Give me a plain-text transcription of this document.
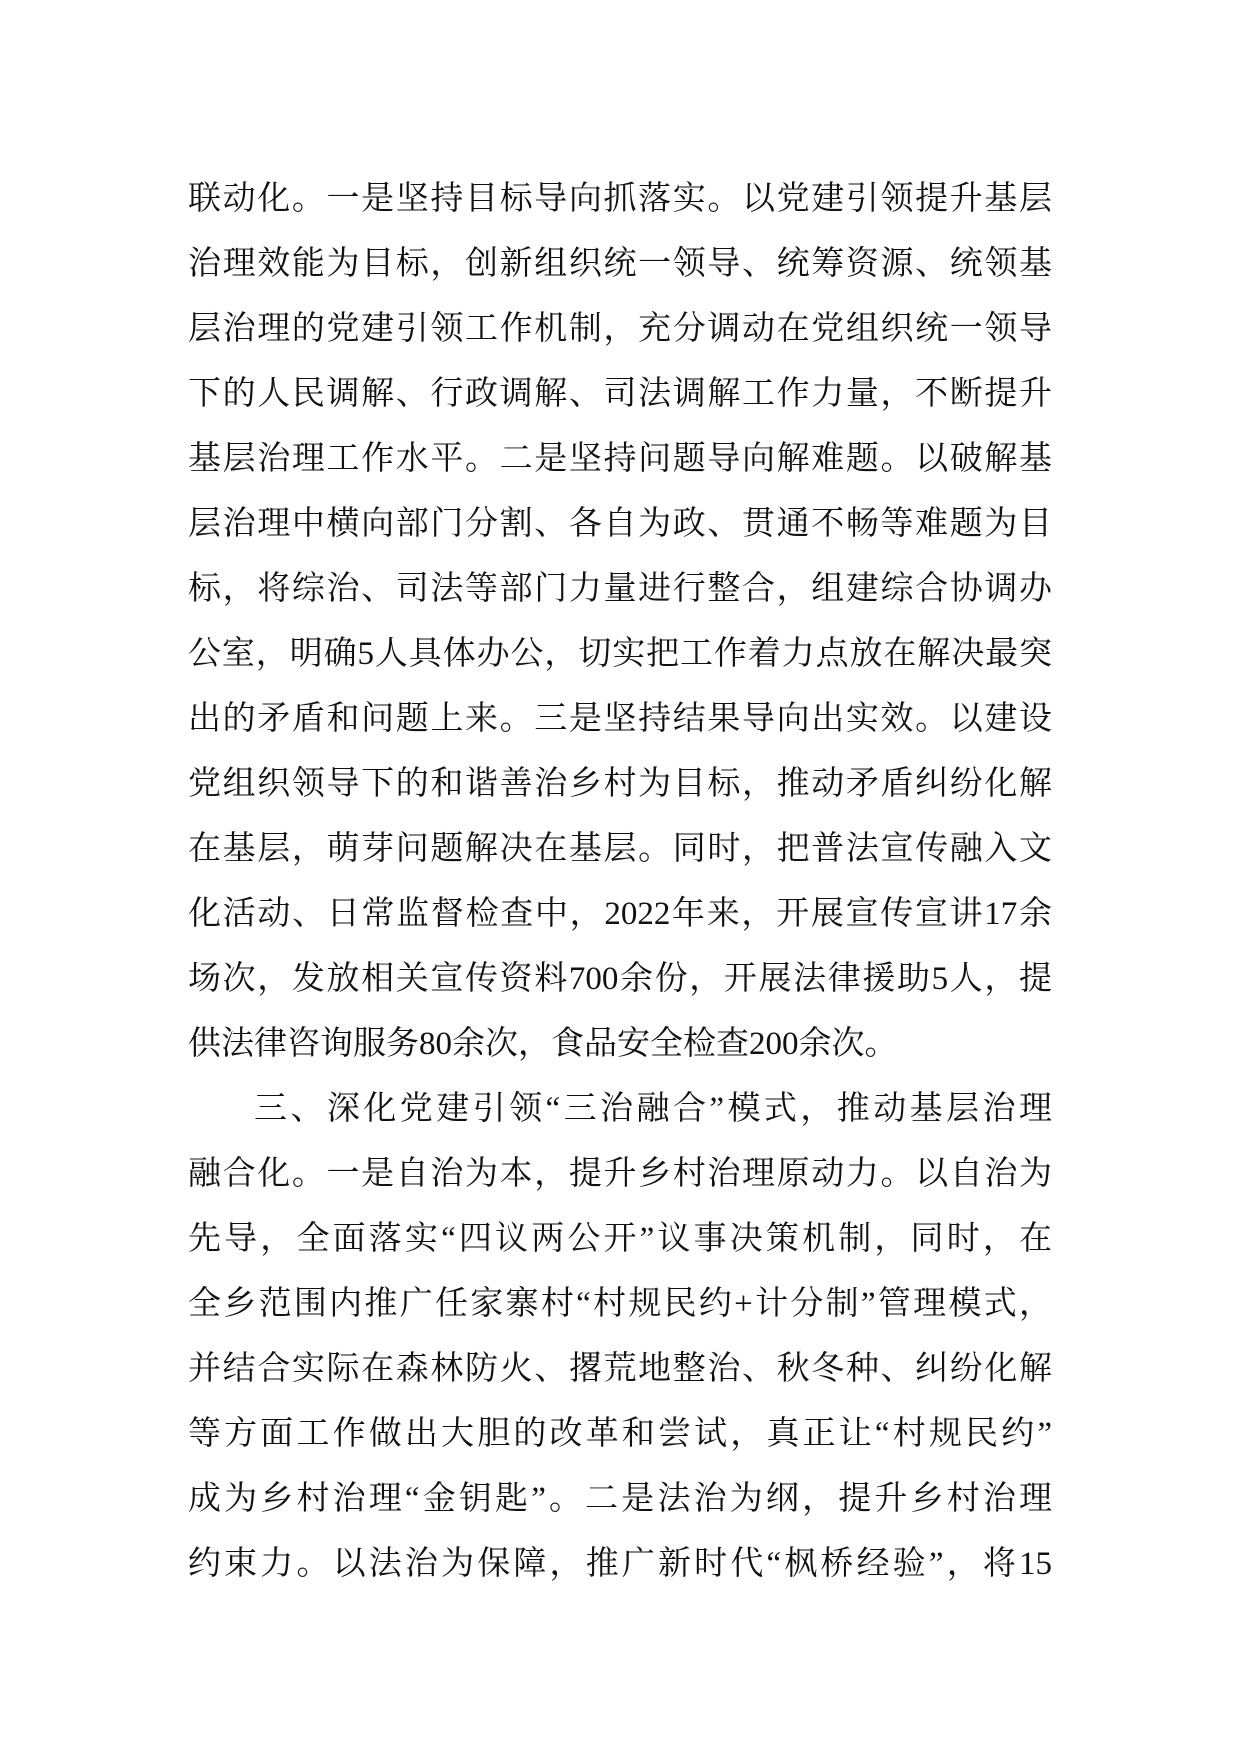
联动化。一是坚持目标导向抓落实。以党建引领提升基层
治理效能为目标，创新组织统一领导、统筹资源、统领基
层治理的党建引领工作机制，充分调动在党组织统一领导
下的人民调解、行政调解、司法调解工作力量，不断提升
基层治理工作水平。二是坚持问题导向解难题。以破解基
层治理中横向部门分割、各自为政、贯通不畅等难题为目
标，将综治、司法等部门力量进行整合，组建综合协调办
公室，明确5人具体办公，切实把工作着力点放在解决最突
出的矛盾和问题上来。三是坚持结果导向出实效。以建设
党组织领导下的和谐善治乡村为目标，推动矛盾纠纷化解
在基层，萌芽问题解决在基层。同时，把普法宣传融入文
化活动、日常监督检查中，2022年来，开展宣传宣讲17余
场次，发放相关宣传资料700余份，开展法律援助5人，提
供法律咨询服务80余次，食品安全检查200余次。
三、深化党建引领“三治融合”模式，推动基层治理
融合化。一是自治为本，提升乡村治理原动力。以自治为
先导，全面落实“四议两公开”议事决策机制，同时，在
全乡范围内推广任家寨村“村规民约+计分制”管理模式，
并结合实际在森林防火、撂荒地整治、秋冬种、纠纷化解
等方面工作做出大胆的改革和尝试，真正让“村规民约”
成为乡村治理“金钥匙”。二是法治为纲，提升乡村治理
约束力。以法治为保障，推广新时代“枫桥经验”，将15
